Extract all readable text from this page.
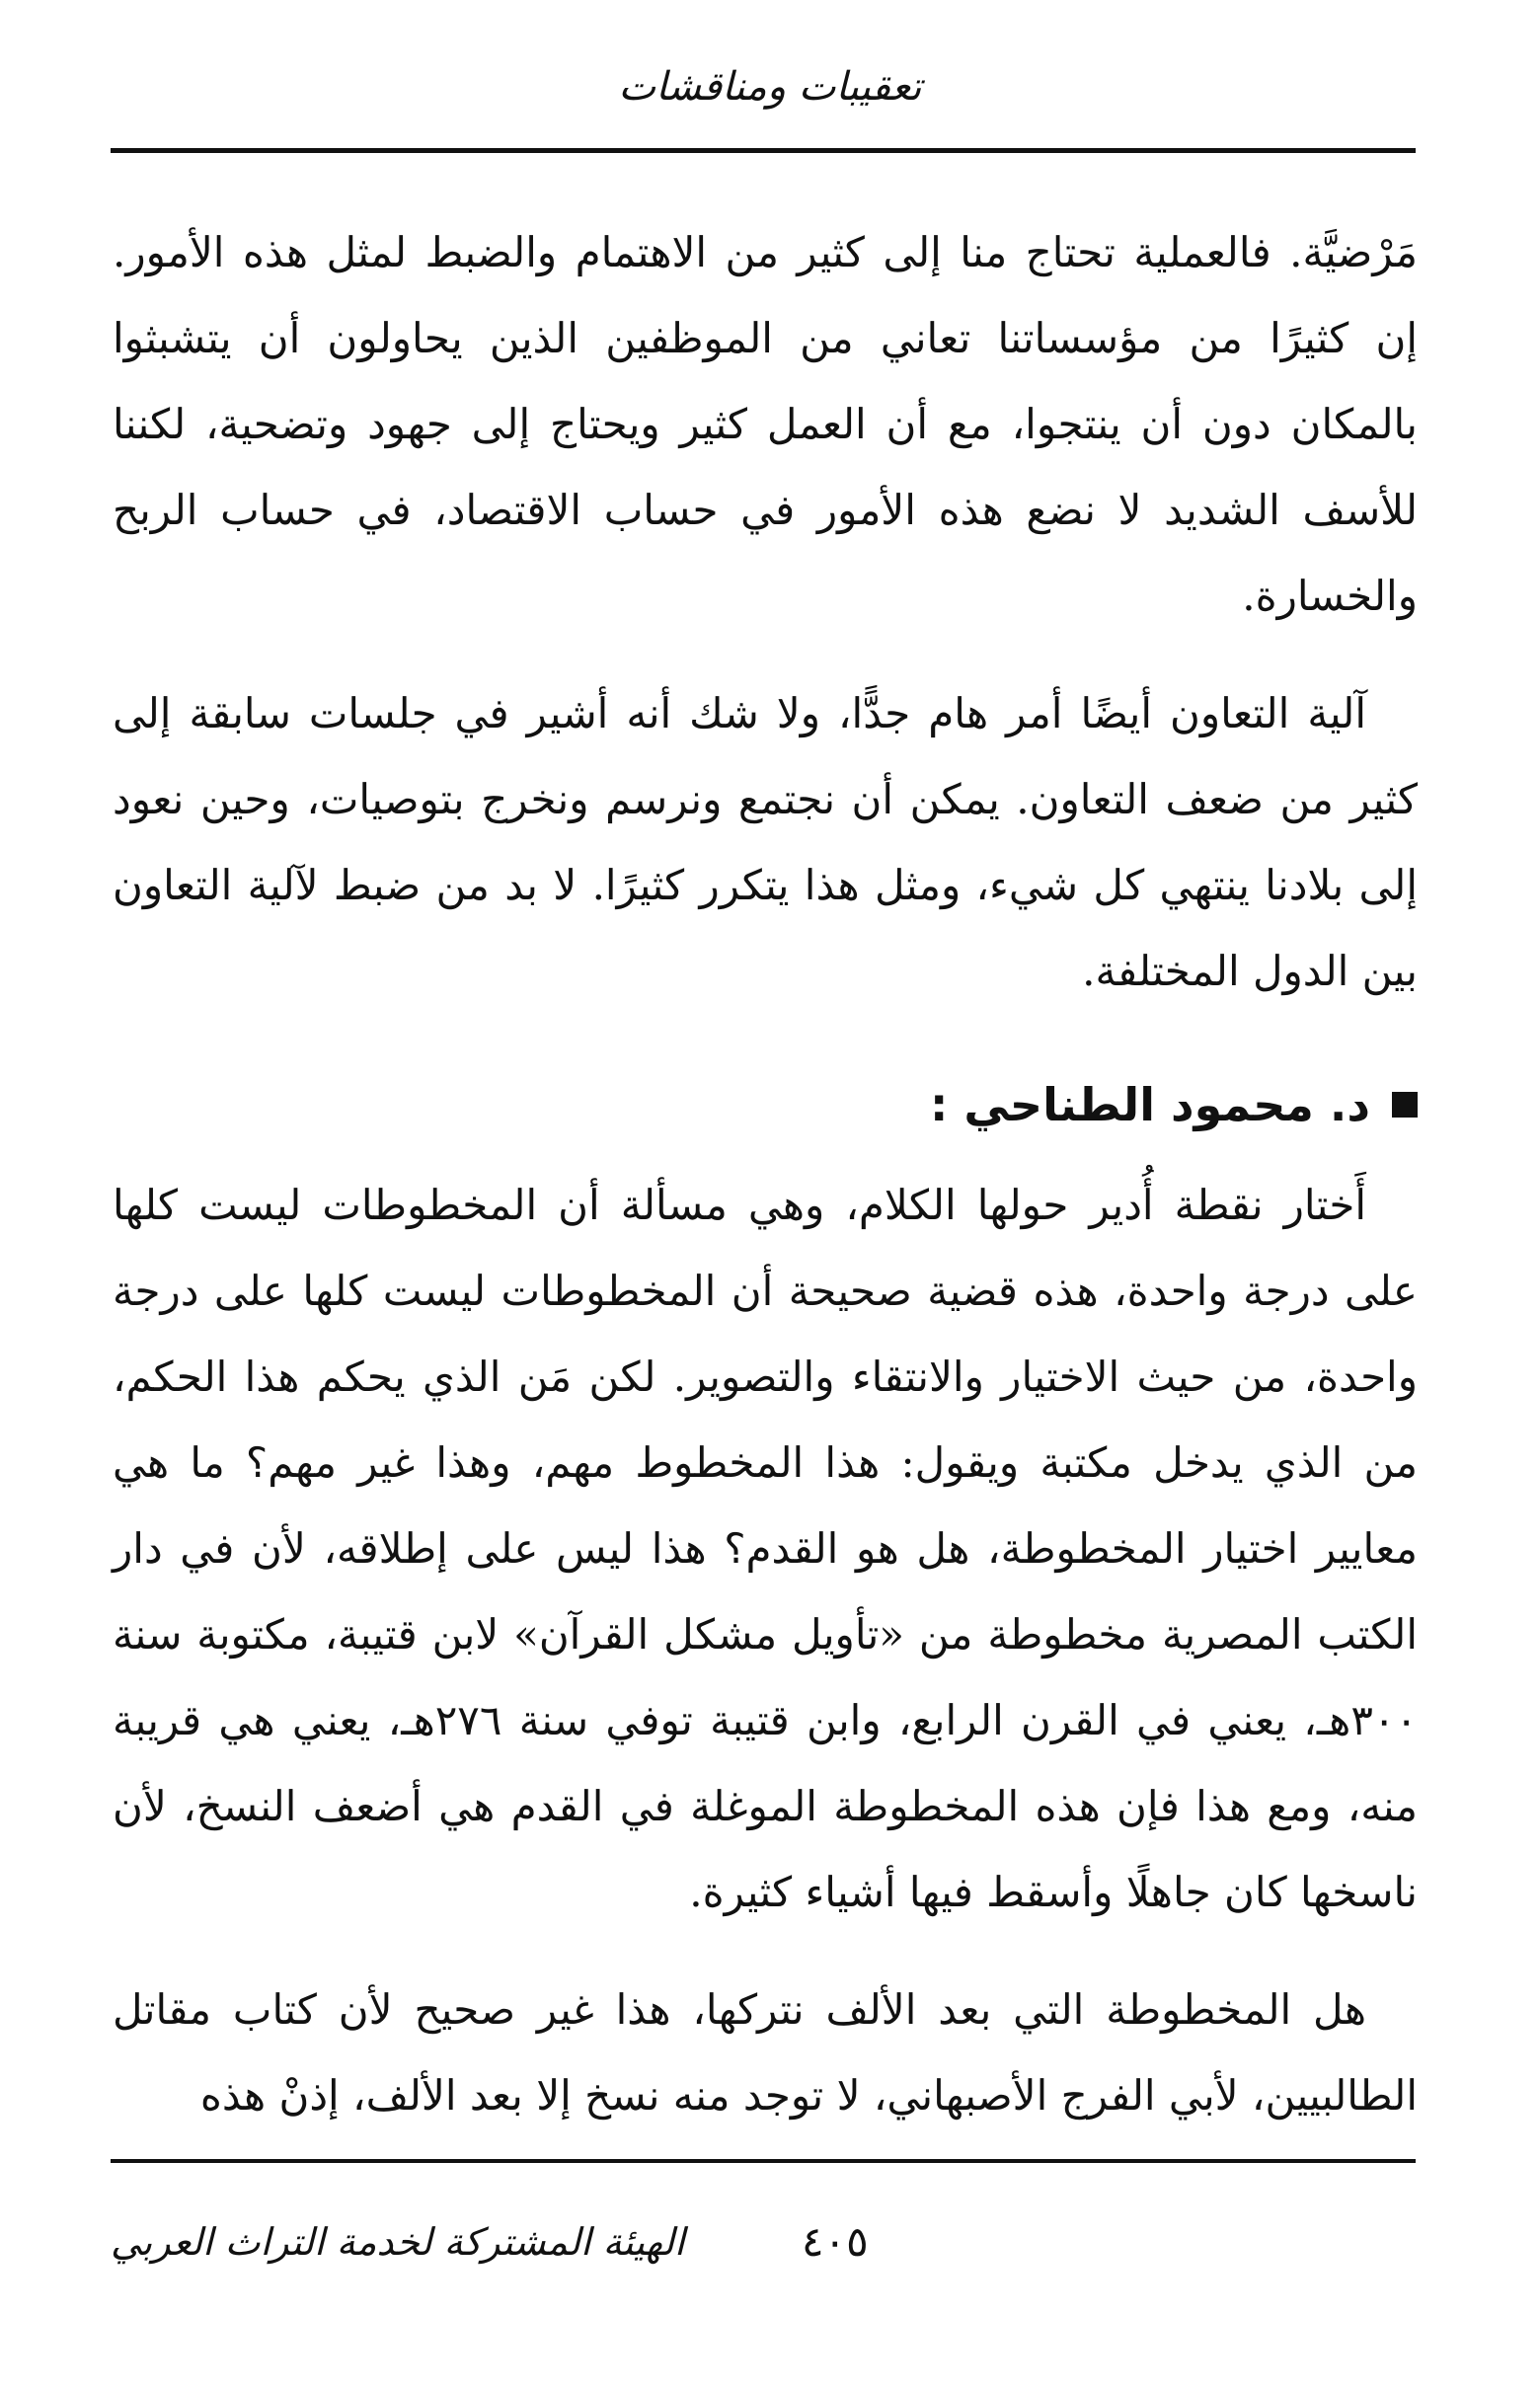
تعقيبات ومناقشات

مَرْضيَّة. فالعملية تحتاج منا إلى كثير من الاهتمام والضبط لمثل هذه الأمور. إن كثيرًا من مؤسساتنا تعاني من الموظفين الذين يحاولون أن يتشبثوا بالمكان دون أن ينتجوا، مع أن العمل كثير ويحتاج إلى جهود وتضحية، لكننا للأسف الشديد لا نضع هذه الأمور في حساب الاقتصاد، في حساب الربح والخسارة.

آلية التعاون أيضًا أمر هام جدًّا، ولا شك أنه أشير في جلسات سابقة إلى كثير من ضعف التعاون. يمكن أن نجتمع ونرسم ونخرج بتوصيات، وحين نعود إلى بلادنا ينتهي كل شيء، ومثل هذا يتكرر كثيرًا. لا بد من ضبط لآلية التعاون بين الدول المختلفة.

د. محمود الطناحي :

أَختار نقطة أُدير حولها الكلام، وهي مسألة أن المخطوطات ليست كلها على درجة واحدة، هذه قضية صحيحة أن المخطوطات ليست كلها على درجة واحدة، من حيث الاختيار والانتقاء والتصوير. لكن مَن الذي يحكم هذا الحكم، من الذي يدخل مكتبة ويقول: هذا المخطوط مهم، وهذا غير مهم؟ ما هي معايير اختيار المخطوطة، هل هو القدم؟ هذا ليس على إطلاقه، لأن في دار الكتب المصرية مخطوطة من «تأويل مشكل القرآن» لابن قتيبة، مكتوبة سنة ٣٠٠هـ، يعني في القرن الرابع، وابن قتيبة توفي سنة ٢٧٦هـ، يعني هي قريبة منه، ومع هذا فإن هذه المخطوطة الموغلة في القدم هي أضعف النسخ، لأن ناسخها كان جاهلًا وأسقط فيها أشياء كثيرة.

هل المخطوطة التي بعد الألف نتركها، هذا غير صحيح لأن كتاب مقاتل الطالبيين، لأبي الفرج الأصبهاني، لا توجد منه نسخ إلا بعد الألف، إذنْ هذه

الهيئة المشتركة لخدمة التراث العربي	٤٠٥
